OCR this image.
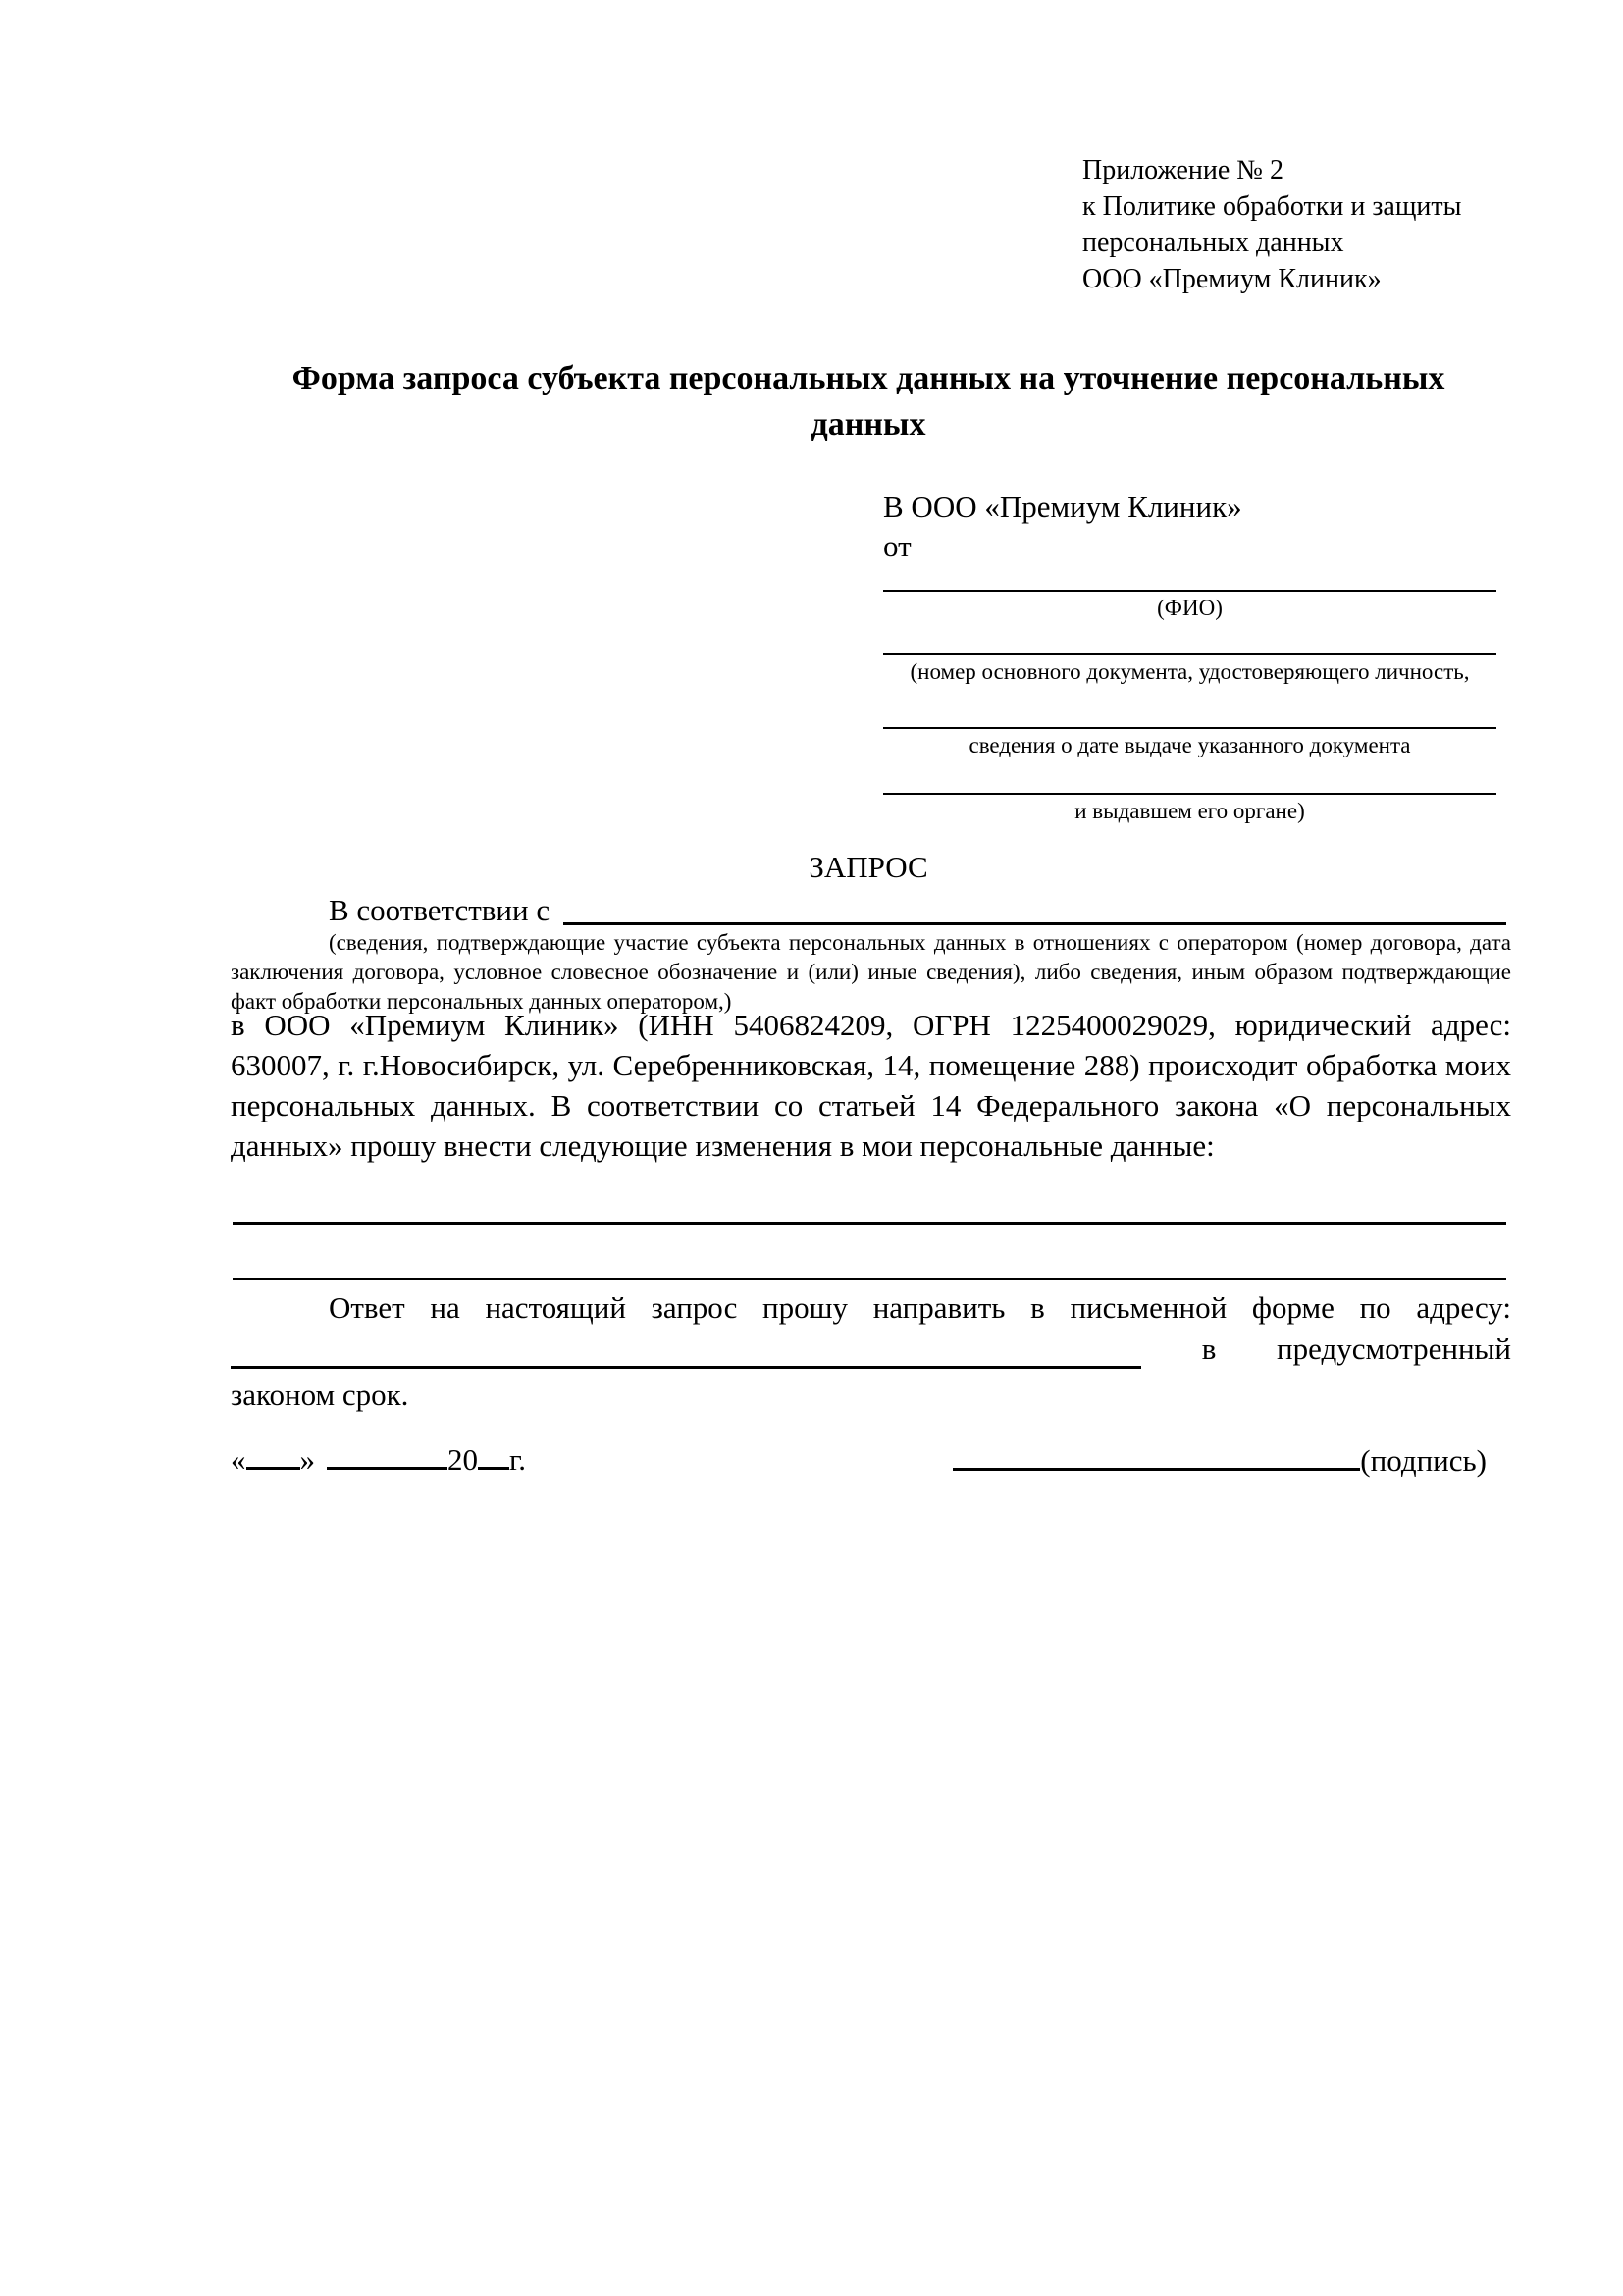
Приложение № 2
к Политике обработки и защиты
персональных данных
ООО «Премиум Клиник»
Форма запроса субъекта персональных данных на уточнение персональных данных
В ООО «Премиум Клиник»
от
(ФИО)
(номер основного документа, удостоверяющего личность,
сведения о дате выдаче указанного документа
и выдавшем его органе)
ЗАПРОС
В соответствии с
(сведения, подтверждающие участие субъекта персональных данных в отношениях с оператором (номер договора, дата заключения договора, условное словесное обозначение и (или) иные сведения), либо сведения, иным образом подтверждающие факт обработки персональных данных оператором,)
в ООО «Премиум Клиник» (ИНН 5406824209, ОГРН 1225400029029, юридический адрес: 630007, г. г.Новосибирск, ул. Серебренниковская, 14, помещение 288) происходит обработка моих персональных данных. В соответствии со статьей 14 Федерального закона «О персональных данных» прошу внести следующие изменения в мои персональные данные:
Ответ на настоящий запрос прошу направить в письменной форме по адресу:
в предусмотренный
законом срок.
« »	20 г.	(подпись)
